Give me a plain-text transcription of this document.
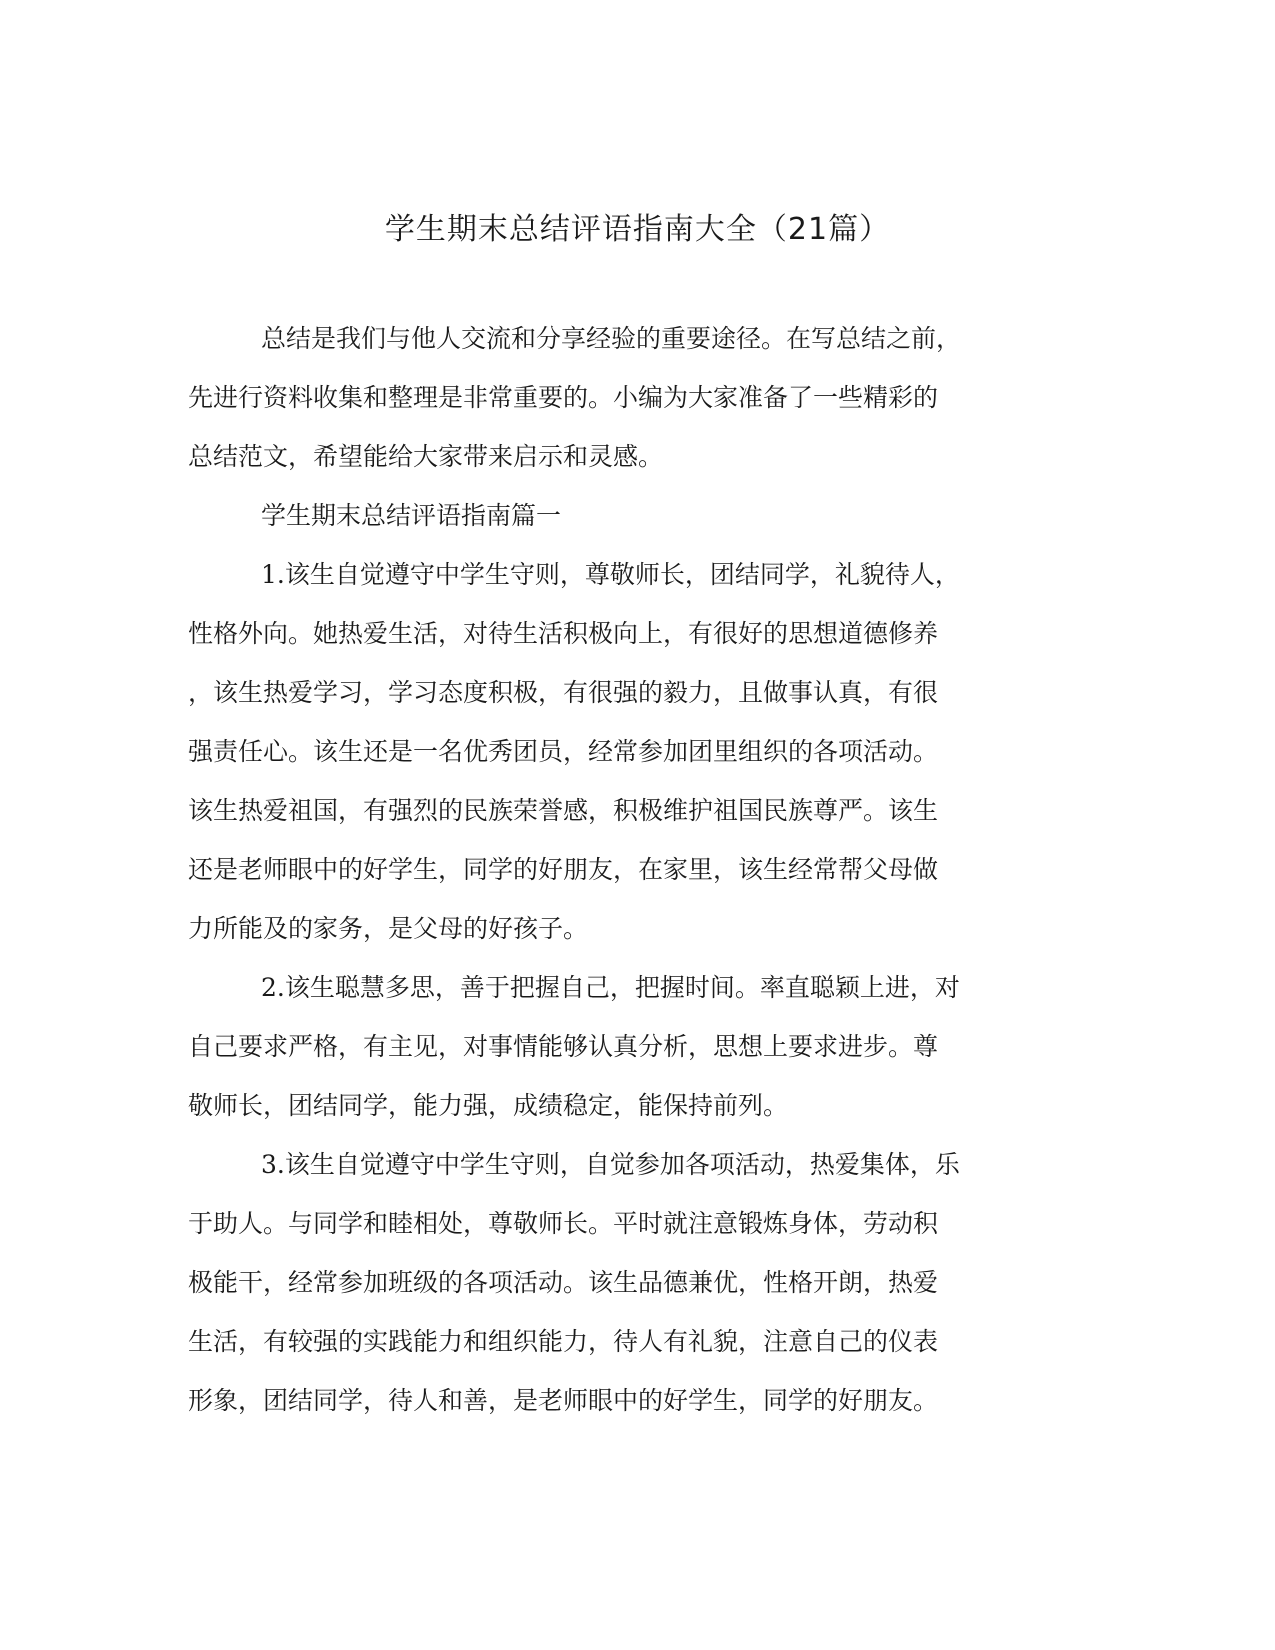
学生期末总结评语指南大全（21篇）

总结是我们与他人交流和分享经验的重要途径。在写总结之前，

先进行资料收集和整理是非常重要的。小编为大家准备了一些精彩的

总结范文，希望能给大家带来启示和灵感。

学生期末总结评语指南篇一

1.该生自觉遵守中学生守则，尊敬师长，团结同学，礼貌待人，

性格外向。她热爱生活，对待生活积极向上，有很好的思想道德修养

，该生热爱学习，学习态度积极，有很强的毅力，且做事认真，有很

强责任心。该生还是一名优秀团员，经常参加团里组织的各项活动。

该生热爱祖国，有强烈的民族荣誉感，积极维护祖国民族尊严。该生

还是老师眼中的好学生，同学的好朋友，在家里，该生经常帮父母做

力所能及的家务，是父母的好孩子。

2.该生聪慧多思，善于把握自己，把握时间。率直聪颖上进，对

自己要求严格，有主见，对事情能够认真分析，思想上要求进步。尊

敬师长，团结同学，能力强，成绩稳定，能保持前列。

3.该生自觉遵守中学生守则，自觉参加各项活动，热爱集体，乐

于助人。与同学和睦相处，尊敬师长。平时就注意锻炼身体，劳动积

极能干，经常参加班级的各项活动。该生品德兼优，性格开朗，热爱

生活，有较强的实践能力和组织能力，待人有礼貌，注意自己的仪表

形象，团结同学，待人和善，是老师眼中的好学生，同学的好朋友。
